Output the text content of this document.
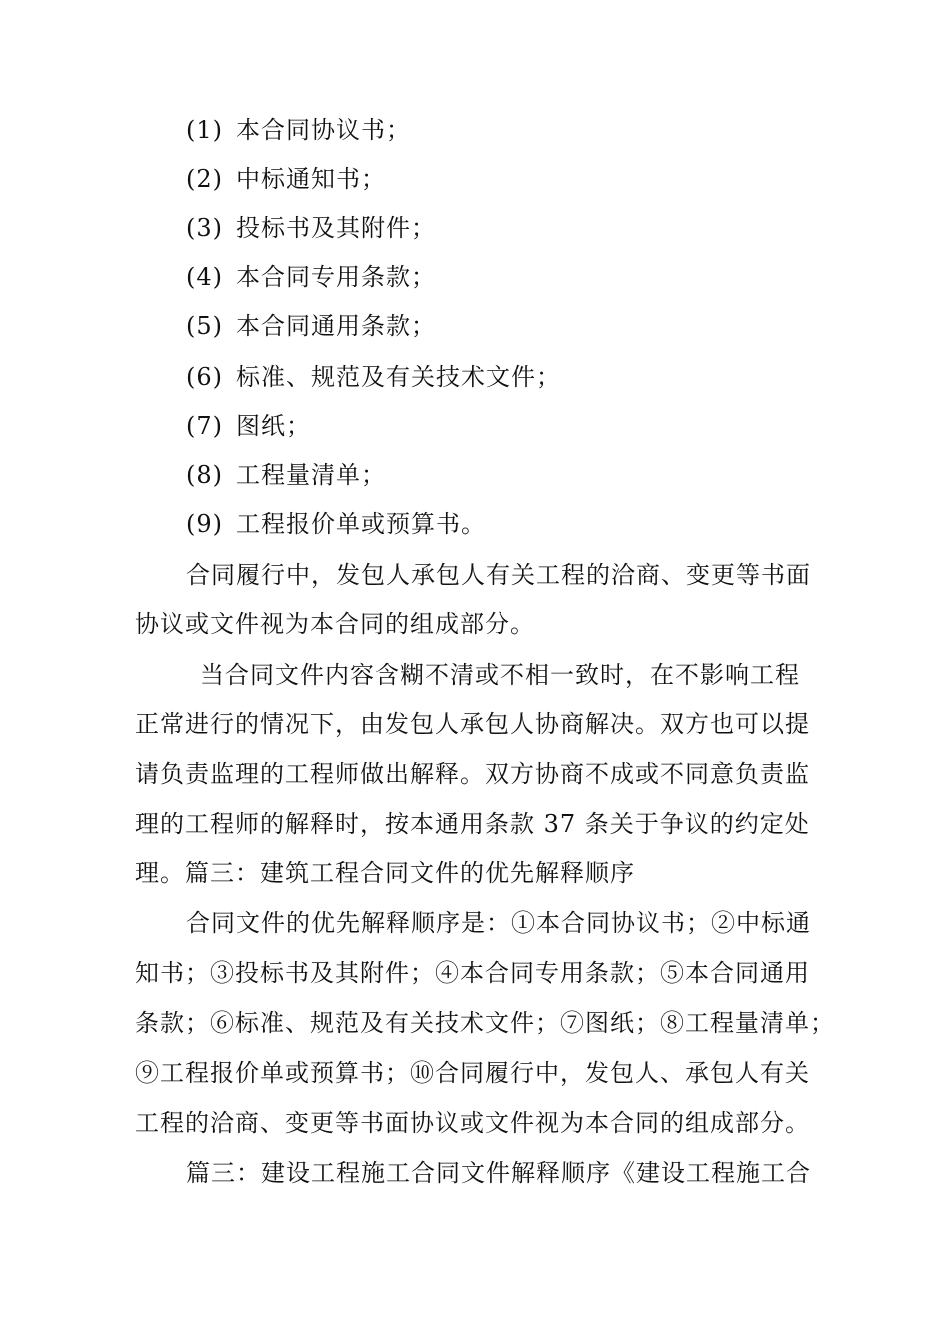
(1) 本合同协议书；
(2) 中标通知书；
(3) 投标书及其附件；
(4) 本合同专用条款；
(5) 本合同通用条款；
(6) 标准、规范及有关技术文件；
(7) 图纸；
(8) 工程量清单；
(9) 工程报价单或预算书。
合同履行中，发包人承包人有关工程的洽商、变更等书面
协议或文件视为本合同的组成部分。
当合同文件内容含糊不清或不相一致时，在不影响工程
正常进行的情况下，由发包人承包人协商解决。双方也可以提
请负责监理的工程师做出解释。双方协商不成或不同意负责监
理的工程师的解释时，按本通用条款 37 条关于争议的约定处
理。篇三：建筑工程合同文件的优先解释顺序
合同文件的优先解释顺序是：①本合同协议书；②中标通
知书；③投标书及其附件；④本合同专用条款；⑤本合同通用
条款；⑥标准、规范及有关技术文件；⑦图纸；⑧工程量清单；
⑨工程报价单或预算书；⑩合同履行中，发包人、承包人有关
工程的洽商、变更等书面协议或文件视为本合同的组成部分。
篇三：建设工程施工合同文件解释顺序《建设工程施工合
